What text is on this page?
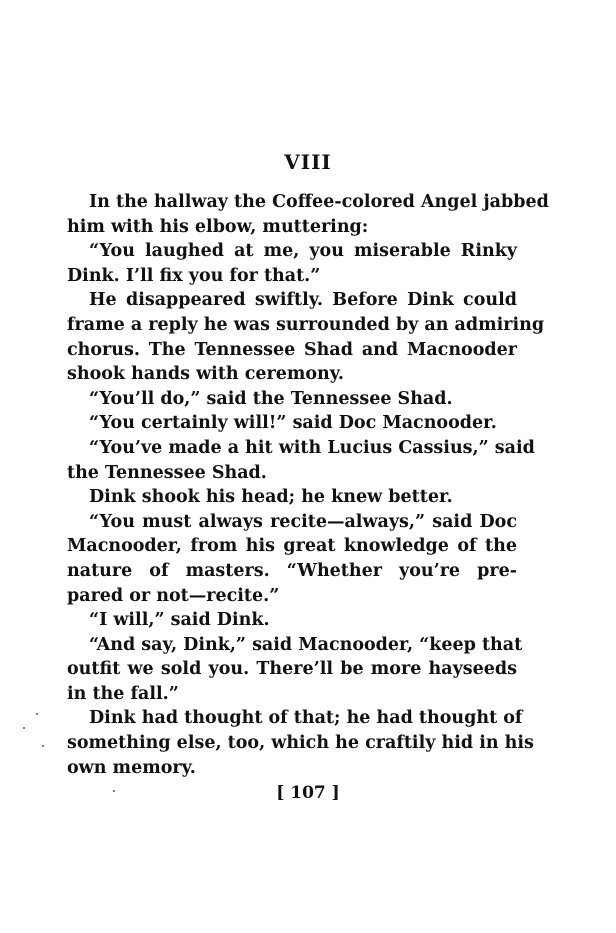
VIII
In the hallway the Coffee-colored Angel jabbed
him with his elbow, muttering:
“You laughed at me, you miserable Rinky
Dink. I’ll fix you for that.”
He disappeared swiftly. Before Dink could
frame a reply he was surrounded by an admiring
chorus. The Tennessee Shad and Macnooder
shook hands with ceremony.
“You’ll do,” said the Tennessee Shad.
“You certainly will!” said Doc Macnooder.
“You’ve made a hit with Lucius Cassius,” said
the Tennessee Shad.
Dink shook his head; he knew better.
“You must always recite—always,” said Doc
Macnooder, from his great knowledge of the
nature of masters. “Whether you’re pre-
pared or not—recite.”
“I will,” said Dink.
“And say, Dink,” said Macnooder, “keep that
outfit we sold you. There’ll be more hayseeds
in the fall.”
Dink had thought of that; he had thought of
something else, too, which he craftily hid in his
own memory.
[ 107 ]
